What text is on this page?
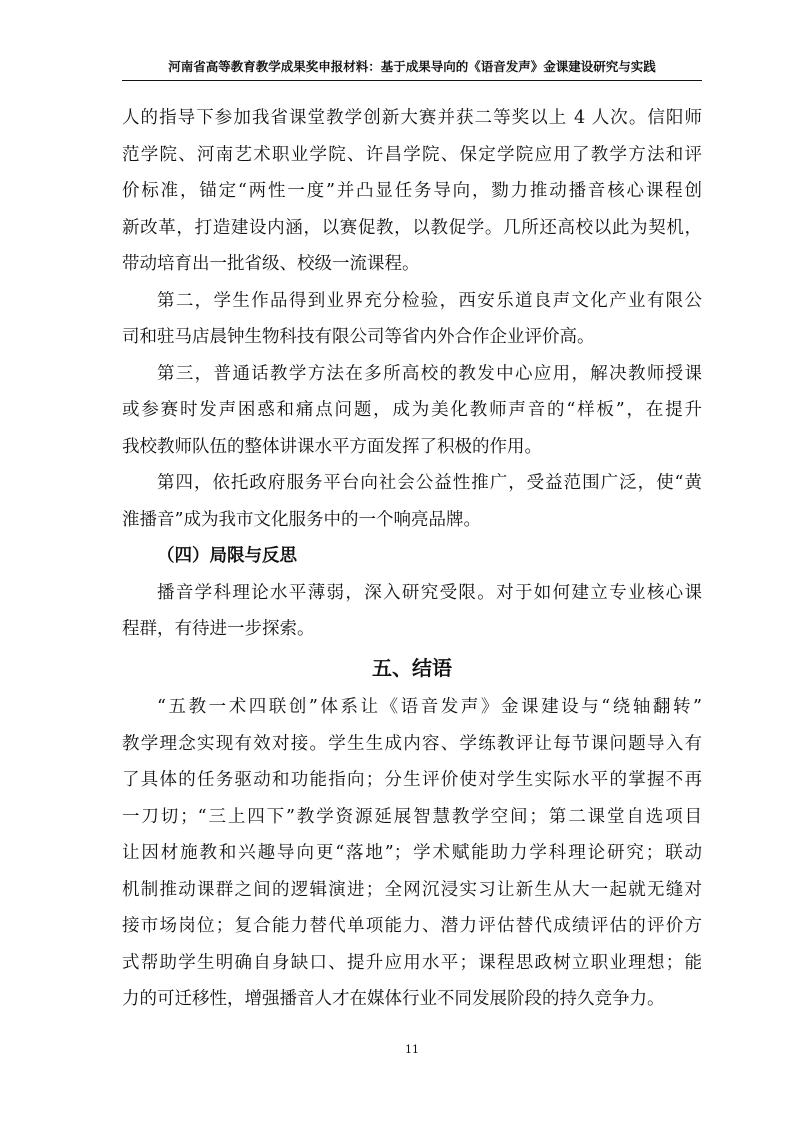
河南省高等教育教学成果奖申报材料：基于成果导向的《语音发声》金课建设研究与实践
人的指导下参加我省课堂教学创新大赛并获二等奖以上 4 人次。信阳师
范学院、河南艺术职业学院、许昌学院、保定学院应用了教学方法和评
价标准，锚定“两性一度”并凸显任务导向，勠力推动播音核心课程创
新改革，打造建设内涵，以赛促教，以教促学。几所还高校以此为契机，
带动培育出一批省级、校级一流课程。
第二，学生作品得到业界充分检验，西安乐道良声文化产业有限公
司和驻马店晨钟生物科技有限公司等省内外合作企业评价高。
第三，普通话教学方法在多所高校的教发中心应用，解决教师授课
或参赛时发声困惑和痛点问题，成为美化教师声音的“样板”，在提升
我校教师队伍的整体讲课水平方面发挥了积极的作用。
第四，依托政府服务平台向社会公益性推广，受益范围广泛，使“黄
淮播音”成为我市文化服务中的一个响亮品牌。
（四）局限与反思
播音学科理论水平薄弱，深入研究受限。对于如何建立专业核心课
程群，有待进一步探索。
五、结语
“五教一术四联创”体系让《语音发声》金课建设与“绕轴翻转”
教学理念实现有效对接。学生生成内容、学练教评让每节课问题导入有
了具体的任务驱动和功能指向；分生评价使对学生实际水平的掌握不再
一刀切；“三上四下”教学资源延展智慧教学空间；第二课堂自选项目
让因材施教和兴趣导向更“落地”；学术赋能助力学科理论研究；联动
机制推动课群之间的逻辑演进；全网沉浸实习让新生从大一起就无缝对
接市场岗位；复合能力替代单项能力、潜力评估替代成绩评估的评价方
式帮助学生明确自身缺口、提升应用水平；课程思政树立职业理想；能
力的可迁移性，增强播音人才在媒体行业不同发展阶段的持久竞争力。
11
